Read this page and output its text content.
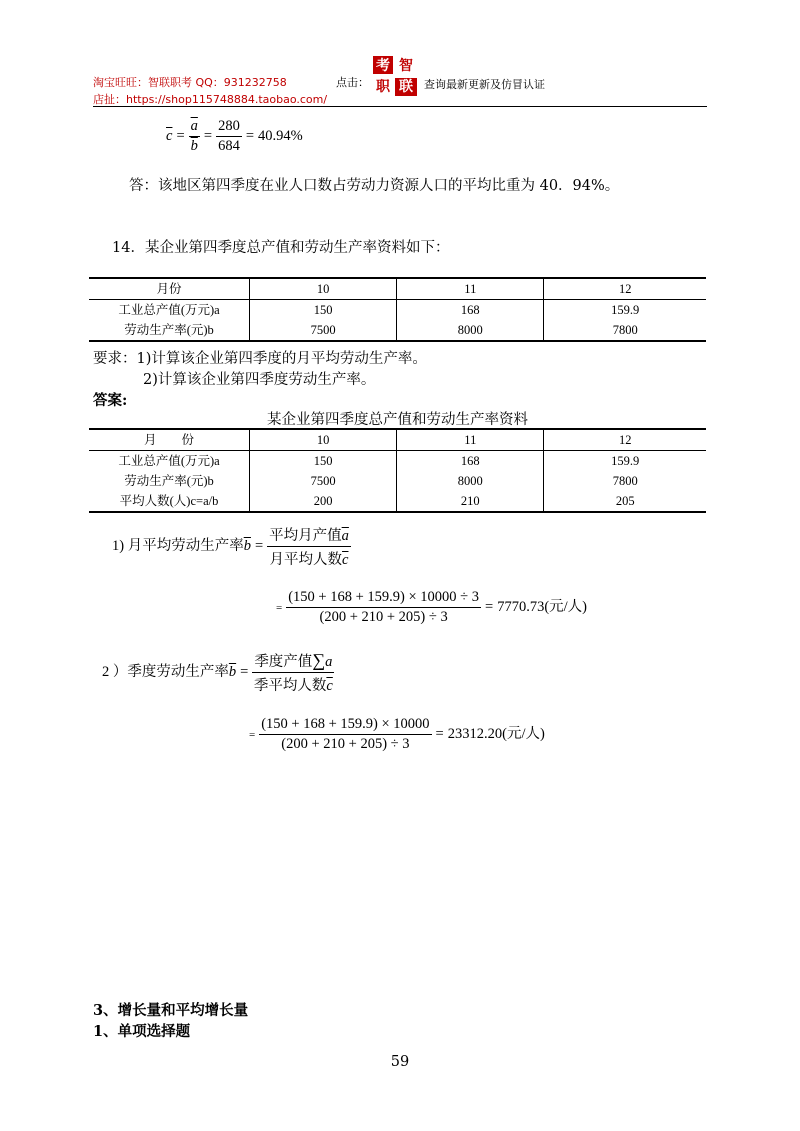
淘宝旺旺：智联职考 QQ：931232758	点击：
考 智
职 联 查询最新更新及仿冒认证
店扯：https://shop115748884.taobao.com/
$\overline{c} = \frac{\overline{a}}{b} = \frac{280}{684} = 40.94\%$
答：该地区第四季度在业人口数占劳动力资源人口的平均比重为 40．94%。
14．某企业第四季度总产值和劳动生产率资料如下：
月份	10	11	12
工业总产值(万元)a	150	168	159.9
劳动生产率(元)b	7500	8000	7800
要求：1)计算该企业第四季度的月平均劳动生产率。
2)计算该企业第四季度劳动生产率。
答案:
某企业第四季度总产值和劳动生产率资料
月　　份	10	11	12
工业总产值(万元)a	150	168	159.9
劳动生产率(元)b	7500	8000	7800
平均人数(人)c=a/b	200	210	205
1) 月平均劳动生产率$\overline{b} = \frac{平均月产值\overline{a}}{月平均人数\overline{c}}$
= $\frac{(150 + 168 + 159.9) \times 10000 \div 3}{(200 + 210 + 205) \div 3} = 7770.73$(元/人)
2 ）季度劳动生产率$\overline{b} = \frac{\text{季度产值∑a}}{季平均人数\overline{c}}$
= $\frac{(150 + 168 + 159.9) \times 10000}{(200 + 210 + 205) \div 3} = 23312.20$(元/人)
3、增长量和平均增长量
1、单项选择题
59
